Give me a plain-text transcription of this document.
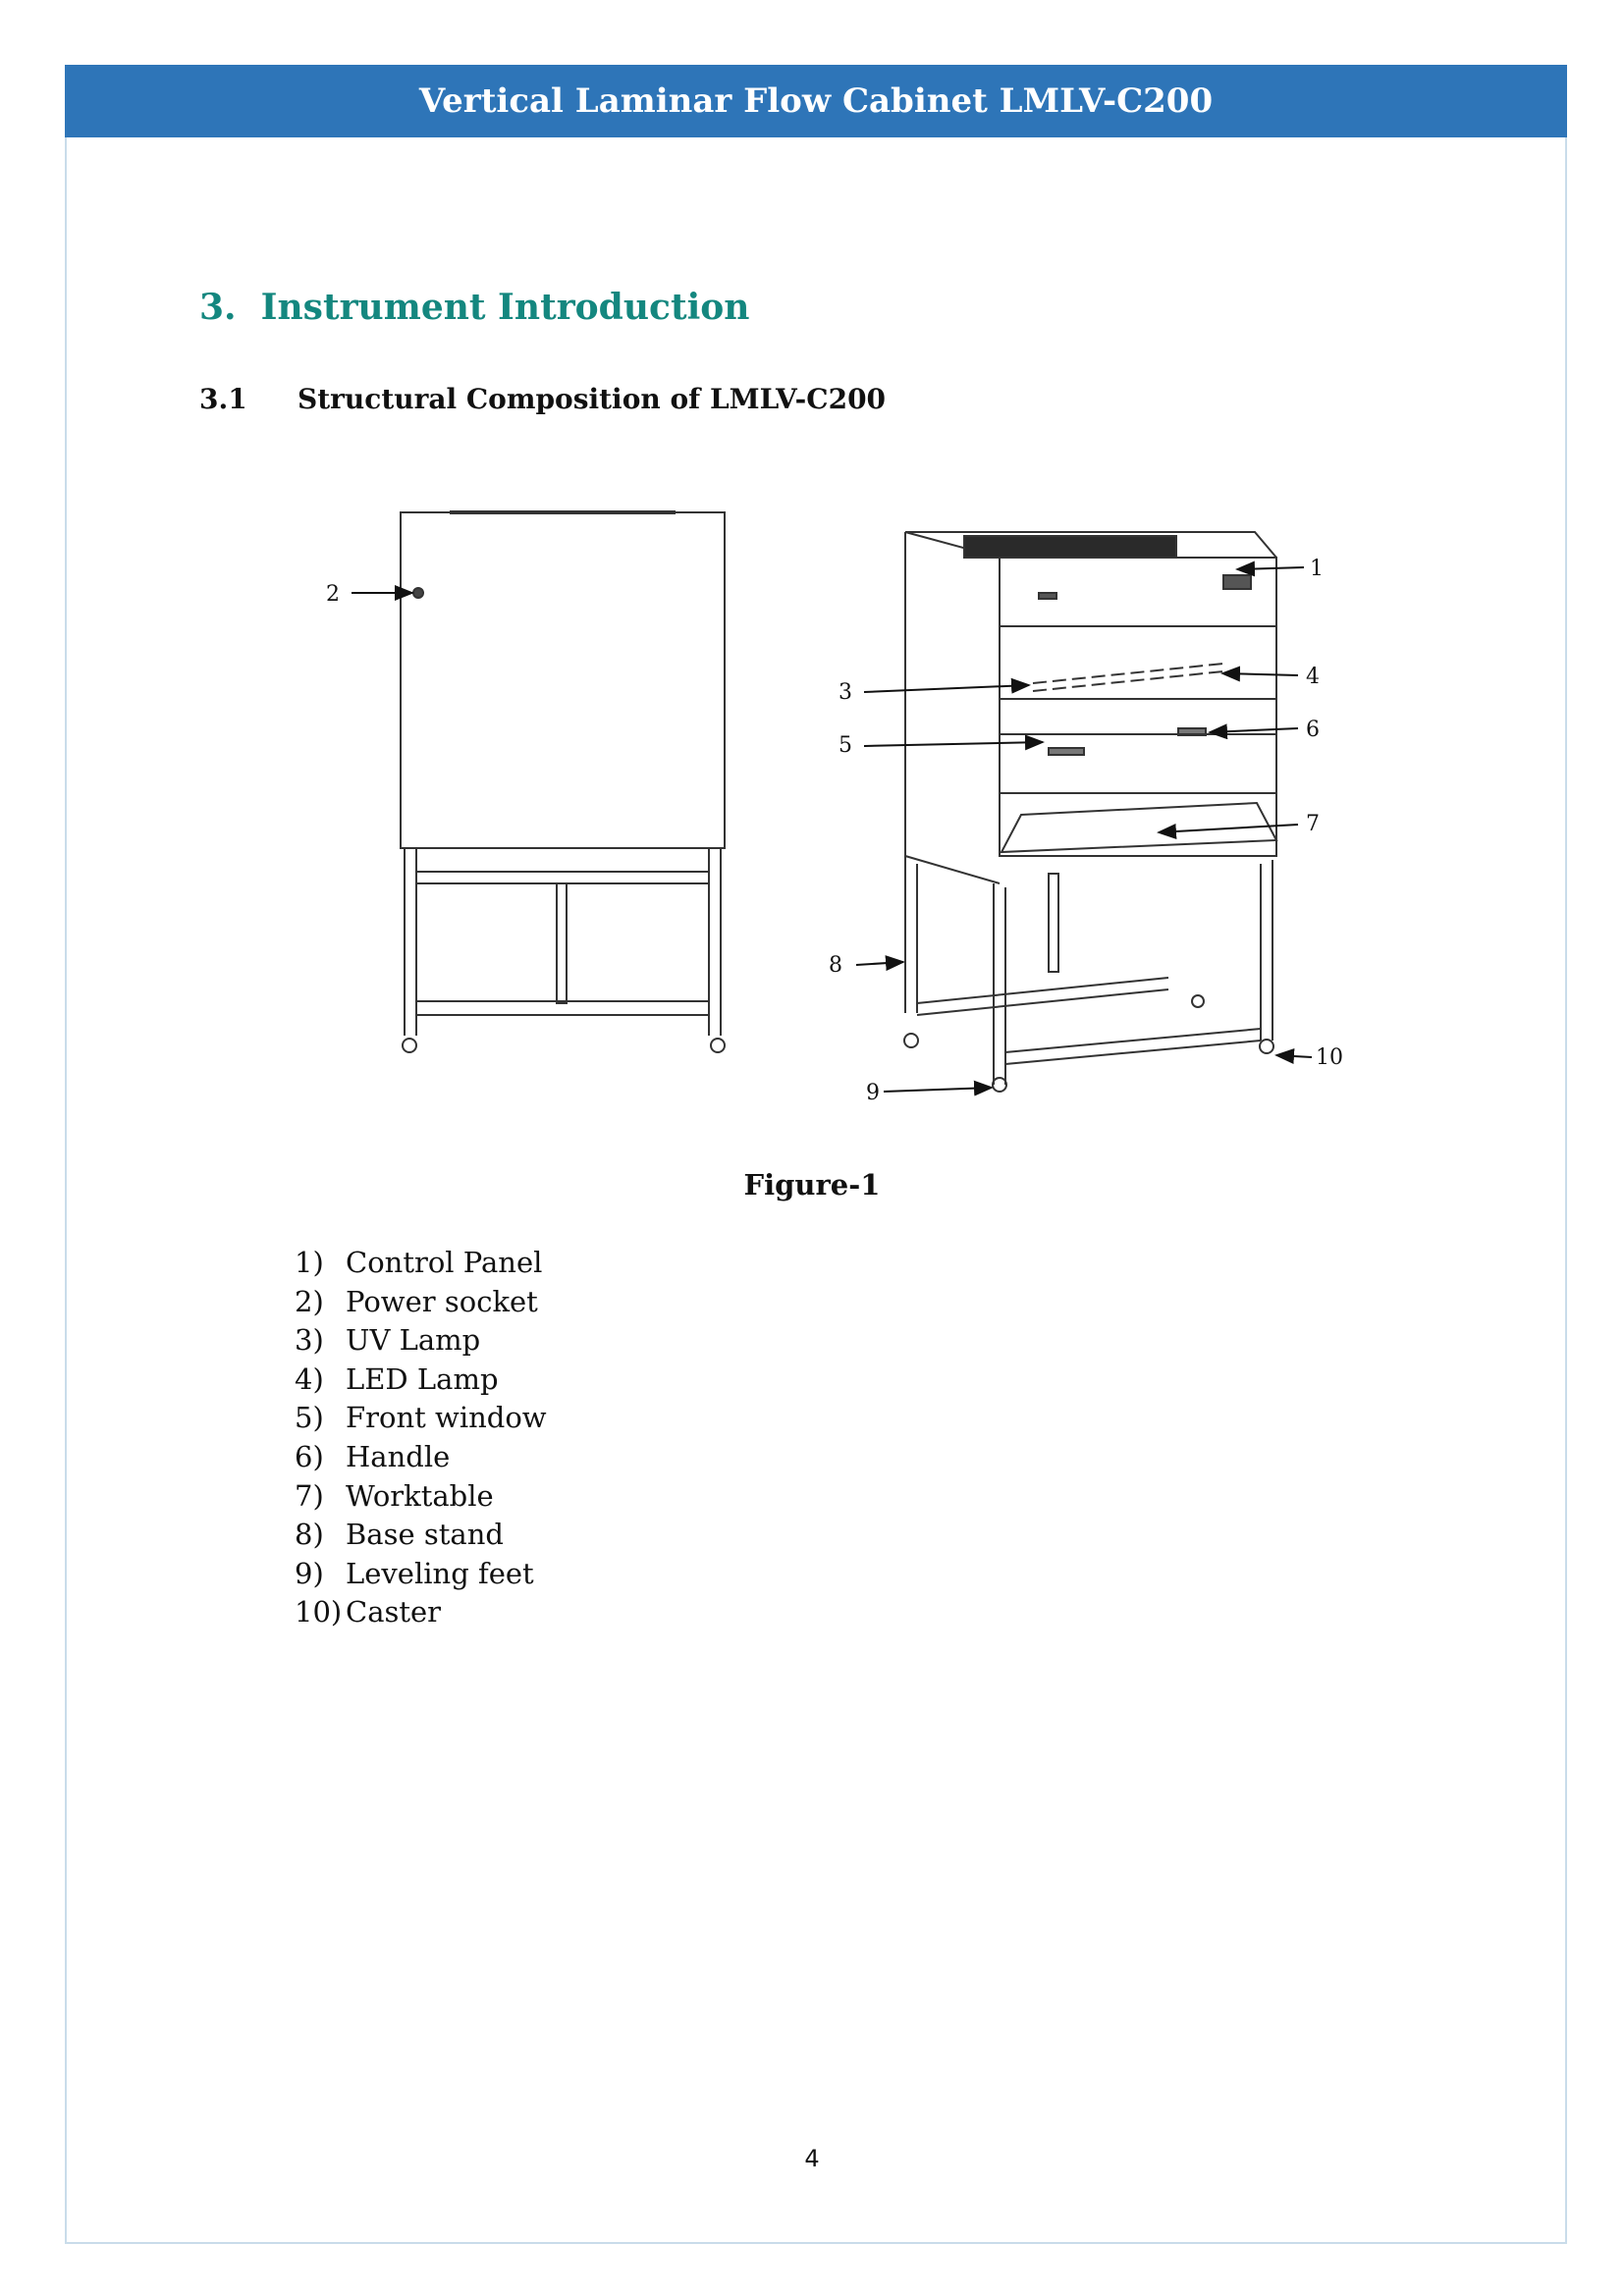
Vertical Laminar Flow Cabinet LMLV-C200
3. Instrument Introduction
3.1	Structural Composition of LMLV-C200
1
2
3
4
5
6
7
8
9
10
Figure-1
1) Control Panel
2) Power socket
3) UV Lamp
4) LED Lamp
5) Front window
6) Handle
7) Worktable
8) Base stand
9) Leveling feet
10) Caster
4
